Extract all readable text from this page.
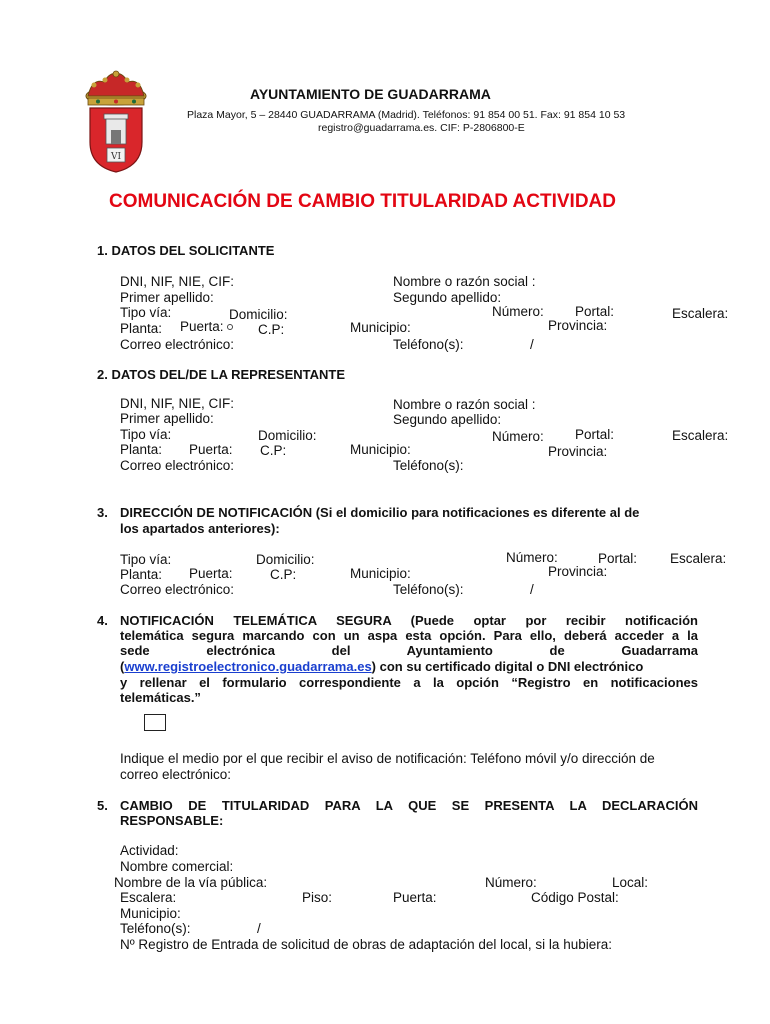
VI
AYUNTAMIENTO DE GUADARRAMA
Plaza Mayor, 5 – 28440 GUADARRAMA (Madrid). Teléfonos: 91 854 00 51. Fax: 91 854 10 53
registro@guadarrama.es. CIF: P-2806800-E
COMUNICACIÓN DE CAMBIO TITULARIDAD ACTIVIDAD
1. DATOS DEL SOLICITANTE
DNI, NIF, NIE, CIF:	Nombre o razón social :
Primer apellido:	Segundo apellido:
Tipo vía:	Domicilio:	Número: Portal:	Escalera:
Planta: Puerta:	C.P:	Municipio:	Provincia:
Correo electrónico:	Teléfono(s):	/
2. DATOS DEL/DE LA REPRESENTANTE
DNI, NIF, NIE, CIF:	Nombre o razón social :
Primer apellido:	Segundo apellido:
Tipo vía:	Domicilio:	Número: Portal:	Escalera:
Planta: Puerta: C.P:	Municipio:	Provincia:
Correo electrónico:	Teléfono(s):
3. DIRECCIÓN DE NOTIFICACIÓN (Si el domicilio para notificaciones es diferente al de
los apartados anteriores):
Tipo vía:	Domicilio:	Número:	Portal: Escalera:
Planta: Puerta:	C.P:	Municipio:	Provincia:
Correo electrónico:	Teléfono(s):	/
4. NOTIFICACIÓN TELEMÁTICA SEGURA (Puede optar por recibir notificación
telemática segura marcando con un aspa esta opción. Para ello, deberá acceder a la
sede electrónica del Ayuntamiento de Guadarrama
(www.registroelectronico.guadarrama.es) con su certificado digital o DNI electrónico
y rellenar el formulario correspondiente a la opción “Registro en notificaciones
telemáticas.”
Indique el medio por el que recibir el aviso de notificación: Teléfono móvil y/o dirección de
correo electrónico:
5. CAMBIO DE TITULARIDAD PARA LA QUE SE PRESENTA LA DECLARACIÓN
RESPONSABLE:
Actividad:
Nombre comercial:
Nombre de la vía pública:	Número:	Local:
Escalera:	Piso:	Puerta:	Código Postal:
Municipio:
Teléfono(s):	/
Nº Registro de Entrada de solicitud de obras de adaptación del local, si la hubiera:
